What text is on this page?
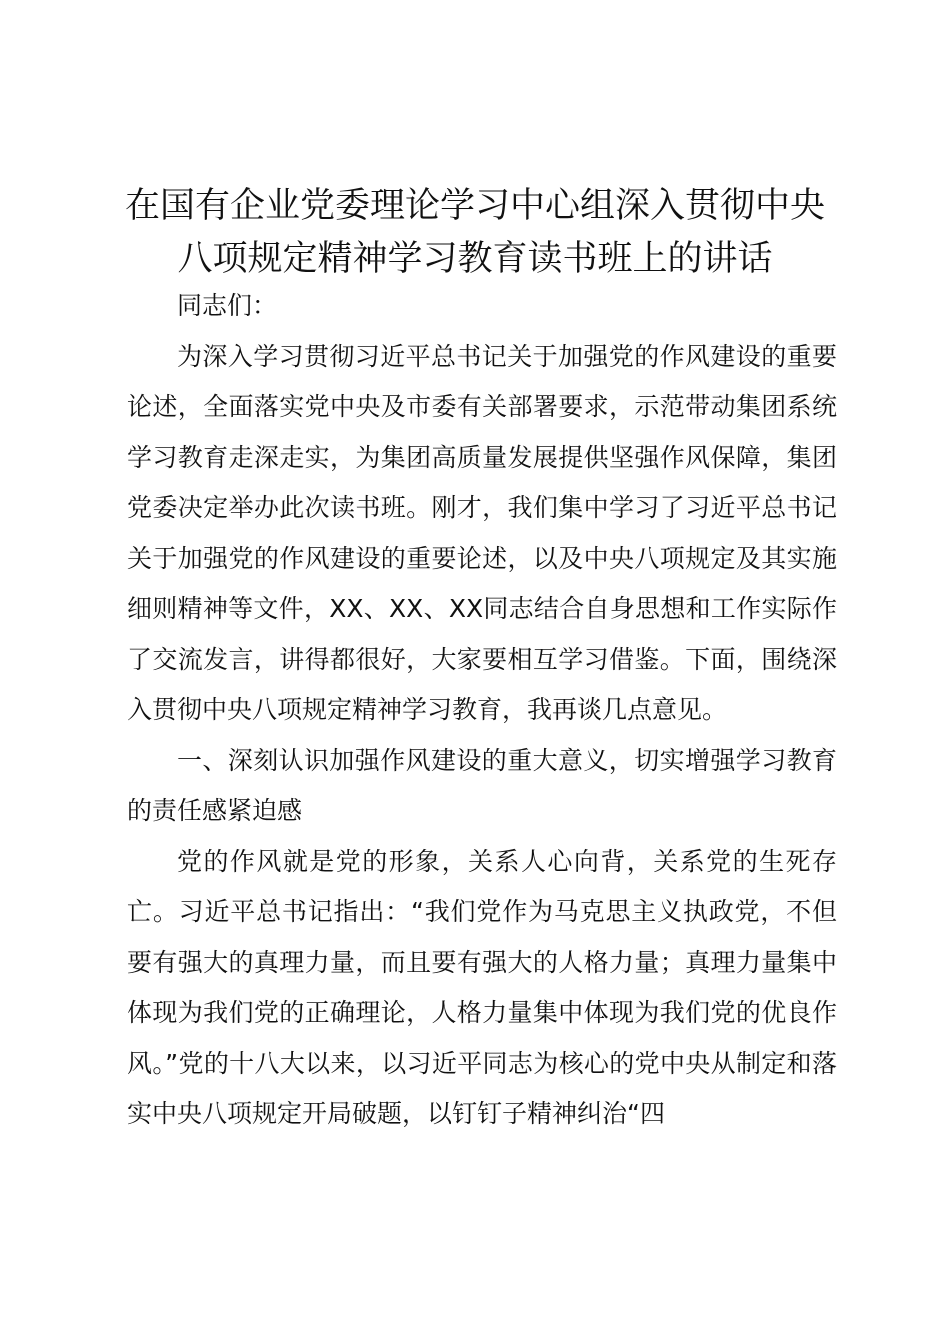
在国有企业党委理论学习中心组深入贯彻中央
八项规定精神学习教育读书班上的讲话

同志们：

为深入学习贯彻习近平总书记关于加强党的作风建设的重要论述，全面落实党中央及市委有关部署要求，示范带动集团系统学习教育走深走实，为集团高质量发展提供坚强作风保障，集团党委决定举办此次读书班。刚才，我们集中学习了习近平总书记关于加强党的作风建设的重要论述，以及中央八项规定及其实施细则精神等文件，XX、XX、XX同志结合自身思想和工作实际作了交流发言，讲得都很好，大家要相互学习借鉴。下面，围绕深入贯彻中央八项规定精神学习教育，我再谈几点意见。

一、深刻认识加强作风建设的重大意义，切实增强学习教育的责任感紧迫感

党的作风就是党的形象，关系人心向背，关系党的生死存亡。习近平总书记指出：“我们党作为马克思主义执政党，不但要有强大的真理力量，而且要有强大的人格力量；真理力量集中体现为我们党的正确理论，人格力量集中体现为我们党的优良作风。”党的十八大以来，以习近平同志为核心的党中央从制定和落实中央八项规定开局破题，以钉钉子精神纠治“四
